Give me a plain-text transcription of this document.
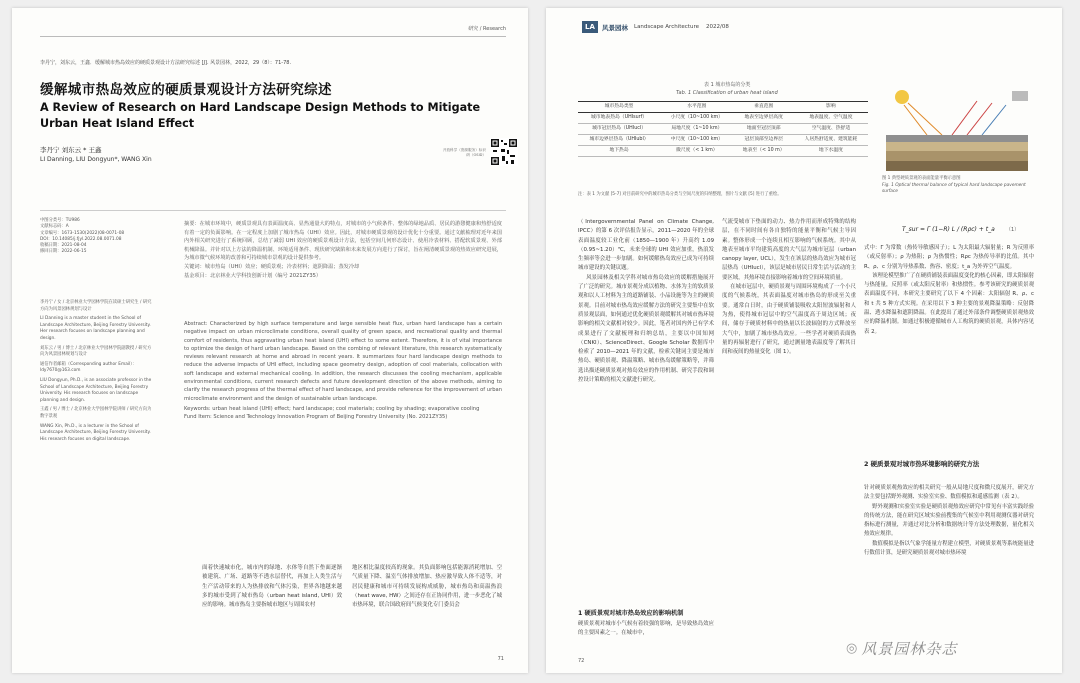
研究 / Research
李丹宁，刘东云，王鑫．缓解城市热岛效应的硬质景观设计方法研究综述 [J]. 风景园林，2022，29（8）：71-78.
缓解城市热岛效应的硬质景观设计方法研究综述
A Review of Research on Hard Landscape Design Methods to Mitigate Urban Heat Island Effect
李丹宁 刘东云 * 王鑫
LI Danning, LIU Dongyun*, WANG Xin
开放科学（资源服务）标识码（OSID）
中图分类号：TU986
文献标志码：A
文章编号：1673-1530(2022)08-0071-08
DOI：10.14085/j.fjyl.2022.08.0071.08
收稿日期：2021-08-04
修回日期：2022-06-15
李丹宁 / 女 / 北京林业大学园林学院在读硕士研究生 / 研究方向为风景园林规划与设计
LI Danning is a master student in the School of Landscape Architecture, Beijing Forestry University. Her research focuses on landscape planning and design.
刘东云 / 男 / 博士 / 北京林业大学园林学院副教授 / 研究方向为风景园林规划与设计
通信作者邮箱（Corresponding author Email）：ldy7670@163.com
LIU Dongyun, Ph.D., is an associate professor in the School of Landscape Architecture, Beijing Forestry University. His research focuses on landscape planning and design.
王鑫 / 男 / 博士 / 北京林业大学园林学院讲师 / 研究方向为数字景观
WANG Xin, Ph.D., is a lecturer in the School of Landscape Architecture, Beijing Forestry University. His research focuses on digital landscape.
摘要：在城市环境中，硬质景观具有表面温度高、显热通量大的特点，对城市的小气候条件、整体的绿地品质、居民的游憩健康和热舒适度有着一定的负面影响。在一定程度上加剧了城市热岛（UHI）效应。因此，对城市硬质景观的设计优化十分重要。通过文献梳理对近年来国内外相关研究进行了系统回顾，总结了减弱 UHI 效应的硬质景观设计方法，包括空间几何形态设计、使用冷表材料、搭配软质景观、外部机械降温。并针对以上方法的降温机制、环境适用条件、现状研究缺陷和未来发展方向进行了探讨，旨在阐清硬质景观的热效应研究进展，为城市微气候环境的改善和可持续城市景观的设计提供参考。
关键词：城市热岛（UHI）效应；硬质景观；冷表材料；遮阴降温；蒸发冷却
基金项目：北京林业大学科技创新计划（编号 2021ZY35）
Abstract: Characterized by high surface temperature and large sensible heat flux, urban hard landscape has a certain negative impact on urban microclimate conditions, overall quality of green space, and recreational quality and thermal comfort of residents, thus aggravating urban heat island (UHI) effect to some extent. Therefore, it is of vital importance to optimize the design of hard urban landscape. Based on the combing of relevant literature, this research systematically reviews relevant research at home and abroad in recent years. It summarizes four hard landscape design methods to reduce the adverse impacts of UHI effect, including space geometry design, adoption of cool materials, collocation with soft landscape and external mechanical cooling. In addition, the research discusses the cooling mechanism, applicable environmental conditions, current research defects and future development direction of the above methods, aiming to clarify the research progress of the thermal effect of hard landscape, and provide reference for the improvement of urban microclimate environment and the design of sustainable urban landscape.
Keywords: urban heat island (UHI) effect; hard landscape; cool materials; cooling by shading; evaporative cooling
Fund Item: Science and Technology Innovation Program of Beijing Forestry University (No. 2021ZY35)
面着快速城市化，城市内的绿地、水体等自然下垫面逐渐被建筑、广场、道路等不透水层替代，再加上人类生活与生产活动带来的人为热排放和气体污染，世界各地越来越多的城市受到了城市热岛（urban heat island, UHI）效应的影响。城市热岛主要指城市地区与周围农村
地区相比温度较高的现象。其负面影响包括能源消耗增加、空气质量下降、温室气体排放增加、热应激导致人体不适等，对居民健康和城市可持续发展构成威胁，城市热岛和高温热浪（heat wave, HW）之间还存在正协同作用，进一步恶化了城市热环境，联合国政府间气候变化专门委员会
71
LA	风景园林 Landscape Architecture 2022/08
表 1 城市热岛的分类
Tab. 1 Classification of urban heat island
城市热岛类型	水平范围	垂直范围	影响
城市地表热岛（UHIsurf）	小尺度（10~100 km）	地表至边界层高度	地表温度、空气温度
城市冠层热岛（UHIucl）	局地尺度（1~10 km）	地面至冠层顶部	空气温度、热舒适
城市边界层热岛（UHIubl）	中尺度（10~100 km）	冠层顶部至边界层	人居热舒适度、建筑能耗
地下热岛	微尺度（< 1 km）	地表至（< 10 m）	地下水温度
注：表 1 为文献 [5-7] 对目前研究中的城市热岛分类与空间尺度的归纳整理，图片与文献 [5] 进行了重绘。
图 1 典型硬质景观的表面能量平衡示意图
Fig. 1 Optical thermal balance of typical hard landscape pavement surface
（Intergovernmental Panel on Climate Change, IPCC）的第 6 次评估报告显示，2011—2020 年的全球表面温度较工业化前（1850—1900 年）升高约 1.09（0.95~1.20）℃，未来全球的 UHI 效应加重，热浪发生频率等会进一步加剧。如何缓解热岛效应已成为可持续城市建设的关键议题。
风景园林及相关学科对城市热岛效应的缓解措施展开了广泛的研究。城市景观分成以植物、水体为主的软质景观和以人工材料为主的道路铺装、小品设施等为主的硬质景观。目前对城市热岛效应缓解方法的研究主要集中在软质景观层面，如何通过优化硬质景观缓解其对城市热环境影响的相关文献相对较少。因此，笔者对国内外已有学术成果进行了文献梳理和归纳总结，主要以中国知网（CNKI）、ScienceDirect、Google Scholar 数据库中检索了 2010—2021 年的文献，检索关键词主要是城市热岛、硬质景观、降温策略、城市热岛缓解策略等，并筛选出描述硬质景观对热岛效应的作用机制、研究手段和调控设计策略的相关文献进行研究。
气流受城市下垫面的动力、热力作用而形成特殊的结构层，在不同时间有各自独特的能量平衡和气候主导因素。整体形成一个连续且相互影响的气候系统。其中从地表至城市平均建筑高度的大气层为城市冠层（urban canopy layer, UCL），发生在该层的热岛效应为城市冠层热岛（UHIucl），该层是城市居民日常生活与活动的主要区域，其热环境直接影响着城市的空间环境质量。
在城市冠层中，硬质景观与周围环境构成了一个小尺度的气候系统，其表面温度对城市热岛的形成至关重要。通常白日时，由于硬质铺装吸收太阳短波辐射和人为热，使得城市冠层中的空气温度高于周边区域；夜间，储存于硬质材料中的热量以长波辐射的方式释放至大气中，加剧了城市热岛效应。一些学者对硬质表面热量的再辐射进行了研究，通过测量地表温度等了解其日间和夜间的热量变化（图 1）。
1 硬质景观对城市热岛效应的影响机制
硬质景观对城市小气候有着较强的影响，是导致热岛效应的主要因素之一。在城市中，
T_sur = Γ (1−R) L / (Rρc) + t_a （1）
式中：Γ 为常数（热传导敏感因子）；L 为太阳最大辐射量；R 为反照率（或反射率）；ρ 为热阻；ρ 为热惯性；Rρc 为热传导率的比值。其中 R、ρ、c 分别为导热系数、热容、密度；t_a 为外界空气温度。
该理论模型推广了在硬质铺装表面温度变化的核心因素，即太阳辐射与热能量，反照率（或太阳反射率）和热惯性。参考该研究的硬质景观表面温度不同，本研究主要研究了以下 4 个因素：太阳辐射 R、ρ、c 和 t 共 5 种方式实现。在采用以下 3 种主要的景观降温策略：反射降温、透水降温和遮阴降温。在此提出了通过外部条件调整硬质景观热效应的降温机制。如通过积极遵循城市人工构筑的硬质景观，具体内容见表 2。
2 硬质景观对城市热环境影响的研究方法
针对硬质景观热效应的相关研究一般从局地尺度和微尺度展开，研究方法主要包括野外观测、实验室实验、数值模拟和遥感监测（表 2）。
野外观测和实验室实验是硬质景观热效应研究中常见有丰富实践经验的传统方法，能在研究区域实验前搜集的气候室中利用观测仪器对研究指标进行测量，并通过对比分析和数据统计等方法处理数据，量化相关热效应规律。
数值模拟是指以气象学能量方程建立模型，对硬质景观等系统能量进行数值计算，是研究硬质景观对城市热环境
72
◎ 风景园林杂志
